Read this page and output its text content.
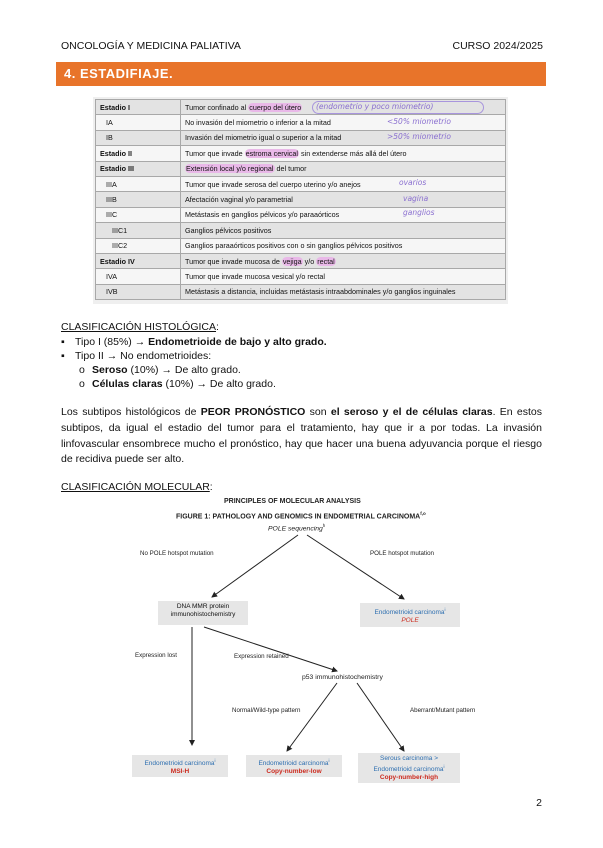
ONCOLOGÍA Y MEDICINA PALIATIVA	CURSO 2024/2025
4. ESTADIFIAJE.
Estadio I	Tumor confinado al cuerpo del útero
IA	No invasión del miometrio o inferior a la mitad
IB	Invasión del miometrio igual o superior a la mitad
Estadio II	Tumor que invade estroma cervical sin extenderse más allá del útero
Estadio III	Extensión local y/o regional del tumor
IIIA	Tumor que invade serosa del cuerpo uterino y/o anejos
IIIB	Afectación vaginal y/o parametrial
IIIC	Metástasis en ganglios pélvicos y/o paraaórticos
IIIC1	Ganglios pélvicos positivos
IIIC2	Ganglios paraaórticos positivos con o sin ganglios pélvicos positivos
Estadio IV	Tumor que invade mucosa de vejiga y/o rectal
IVA	Tumor que invade mucosa vesical y/o rectal
IVB	Metástasis a distancia, incluidas metástasis intraabdominales y/o ganglios inguinales
(endometrio y poco miometrio)
<50% miometrio
>50% miometrio
ovarios
vagina
ganglios
CLASIFICACIÓN HISTOLÓGICA:
▪ Tipo I (85%) → Endometrioide de bajo y alto grado.
▪ Tipo II → No endometrioides:
o Seroso (10%) → De alto grado.
o Células claras (10%) → De alto grado.
Los subtipos histológicos de PEOR PRONÓSTICO son el seroso y el de células claras. En estos subtipos, da igual el estadio del tumor para el tratamiento, hay que ir a por todas. La invasión linfovascular ensombrece mucho el pronóstico, hay que hacer una buena adyuvancia porque el riesgo de recidiva puede ser alto.
CLASIFICACIÓN MOLECULAR:
PRINCIPLES OF MOLECULAR ANALYSIS
FIGURE 1: PATHOLOGY AND GENOMICS IN ENDOMETRIAL CARCINOMA$^{f,o}$
POLE sequencing$^h$
No POLE hotspot mutation	POLE hotspot mutation
DNA MMR protein
immunohistochemistry	Endometrioid carcinoma$^i$
POLE
Expression lost	Expression retained
p53 immunohistochemistry
Normal/Wild-type pattern	Aberrant/Mutant pattern
Endometrioid carcinoma$^i$
MSI-H
Endometrioid carcinoma$^i$
Copy-number-low
Serous carcinoma >
Endometrioid carcinoma$^i$
Copy-number-high
2
